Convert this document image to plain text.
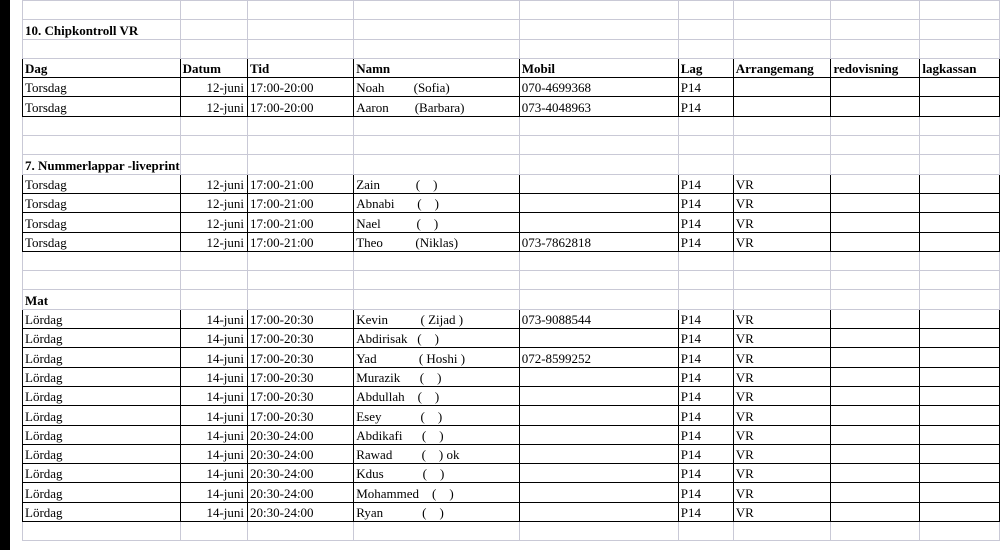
10. Chipkontroll VR								

Dag	Datum	Tid	Namn	Mobil	Lag	Arrangemang	redovisning	lagkassan
Torsdag	12-juni	17:00-20:00	Noah         (Sofia)	070-4699368	P14			
Torsdag	12-juni	17:00-20:00	Aaron        (Barbara)	073-4048963	P14			

7. Nummerlappar -liveprint								
Torsdag	12-juni	17:00-21:00	Zain           (    )		P14	VR		
Torsdag	12-juni	17:00-21:00	Abnabi       (    )		P14	VR		
Torsdag	12-juni	17:00-21:00	Nael           (    )		P14	VR		
Torsdag	12-juni	17:00-21:00	Theo          (Niklas)	073-7862818	P14	VR		

Mat								
Lördag	14-juni	17:00-20:30	Kevin          ( Zijad )	073-9088544	P14	VR		
Lördag	14-juni	17:00-20:30	Abdirisak   (    )		P14	VR		
Lördag	14-juni	17:00-20:30	Yad             ( Hoshi )	072-8599252	P14	VR		
Lördag	14-juni	17:00-20:30	Murazik      (    )		P14	VR		
Lördag	14-juni	17:00-20:30	Abdullah    (    )		P14	VR		
Lördag	14-juni	17:00-20:30	Esey            (    )		P14	VR		
Lördag	14-juni	20:30-24:00	Abdikafi      (    )		P14	VR		
Lördag	14-juni	20:30-24:00	Rawad         (    ) ok		P14	VR		
Lördag	14-juni	20:30-24:00	Kdus            (    )		P14	VR		
Lördag	14-juni	20:30-24:00	Mohammed    (    )		P14	VR		
Lördag	14-juni	20:30-24:00	Ryan            (    )		P14	VR		
